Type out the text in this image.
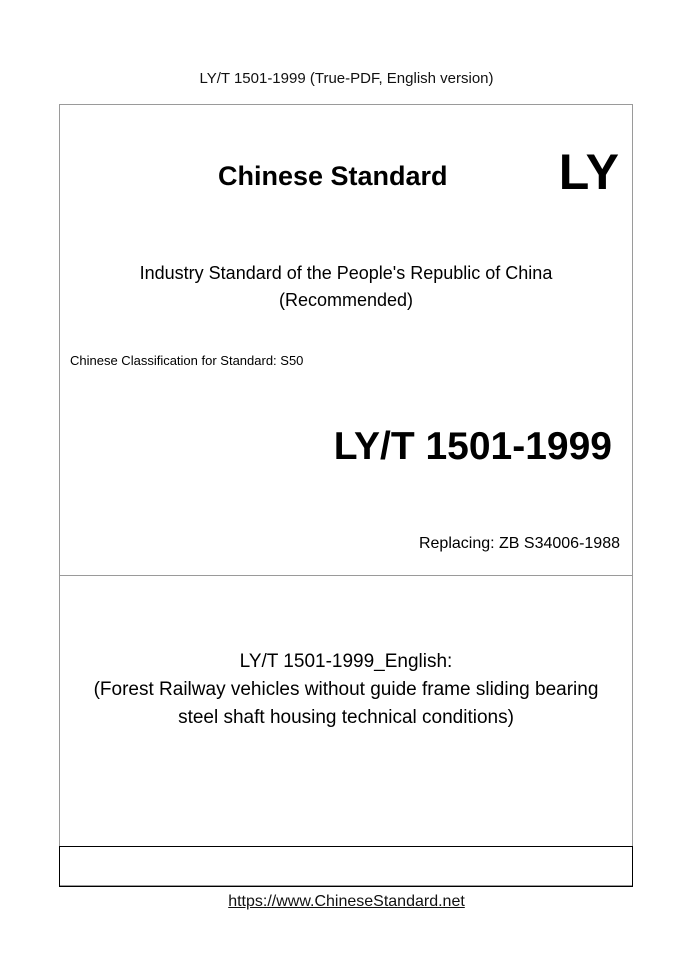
LY/T 1501-1999 (True-PDF, English version)
Chinese Standard LY
Industry Standard of the People's Republic of China
(Recommended)
Chinese Classification for Standard: S50
LY/T 1501-1999
Replacing: ZB S34006-1988
LY/T 1501-1999_English:
(Forest Railway vehicles without guide frame sliding bearing
steel shaft housing technical conditions)
https://www.ChineseStandard.net
